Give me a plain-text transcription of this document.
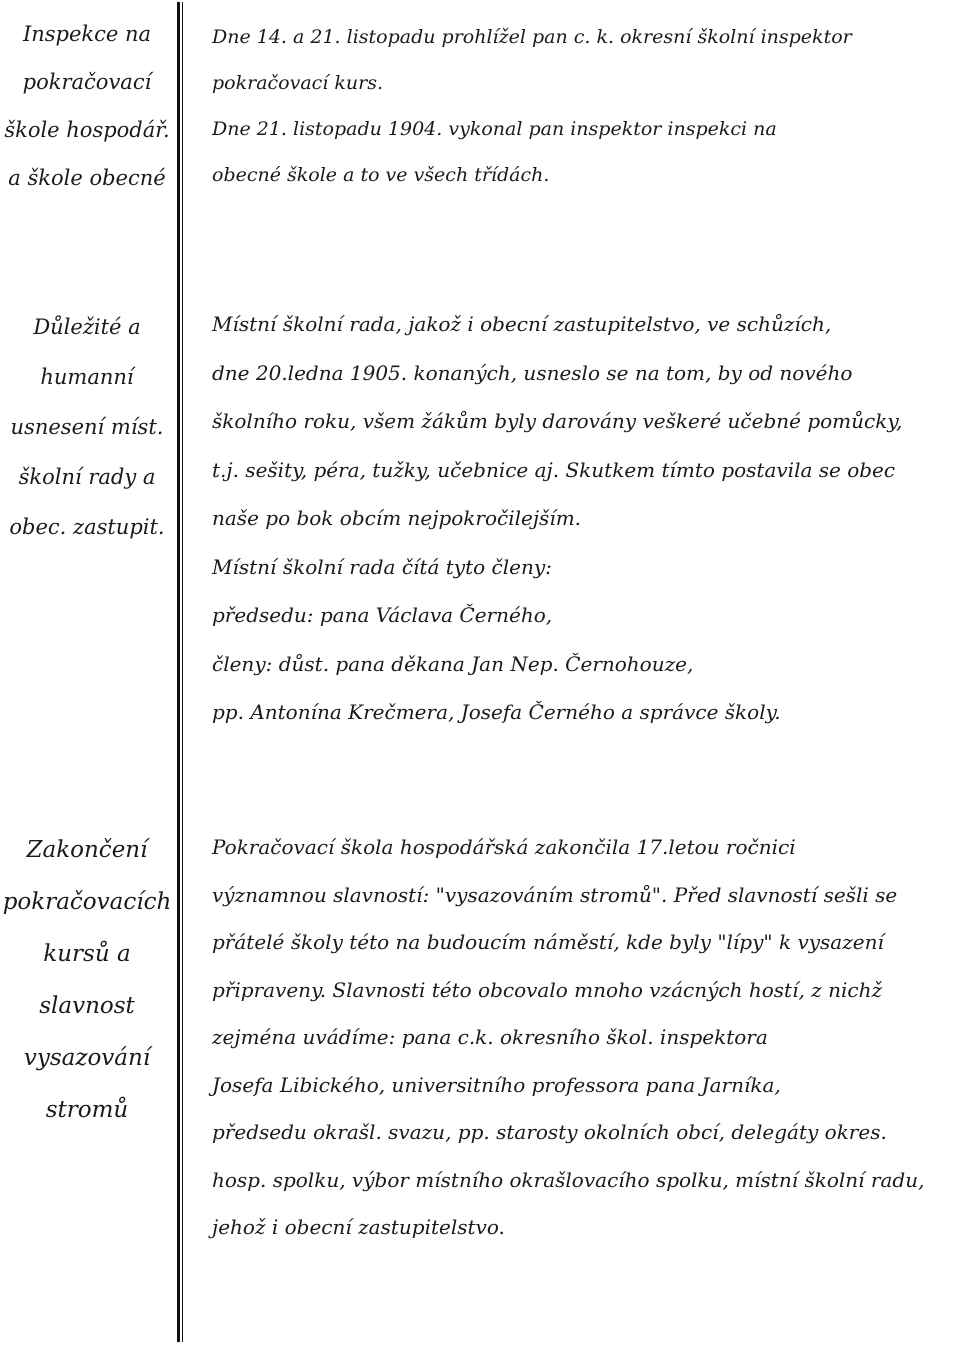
Inspekce na
pokračovací
škole hospodář.
a škole obecné
Dne 14. a 21. listopadu prohlížel pan c. k. okresní školní inspektor
pokračovací kurs.
Dne 21. listopadu 1904. vykonal pan inspektor inspekci na
obecné škole a to ve všech třídách.
Důležité a
humanní
usnesení míst.
školní rady a
obec. zastupit.
Místní školní rada, jakož i obecní zastupitelstvo, ve schůzích,
dne 20.ledna 1905. konaných, usneslo se na tom, by od nového
školního roku, všem žákům byly darovány veškeré učebné pomůcky,
t.j. sešity, péra, tužky, učebnice aj. Skutkem tímto postavila se obec
naše po bok obcím nejpokročilejším.
Místní školní rada čítá tyto členy:
předsedu: pana Václava Černého,
členy: důst. pana děkana Jan Nep. Černohouze,
pp. Antonína Krečmera, Josefa Černého a správce školy.
Zakončení
pokračovacích
kursů a
slavnost
vysazování
stromů
Pokračovací škola hospodářská zakončila 17.letou ročnici
významnou slavností: "vysazováním stromů". Před slavností sešli se
přátelé školy této na budoucím náměstí, kde byly "lípy" k vysazení
připraveny. Slavnosti této obcovalo mnoho vzácných hostí, z nichž
zejména uvádíme: pana c.k. okresního škol. inspektora
Josefa Libického, universitního professora pana Jarníka,
předsedu okrašl. svazu, pp. starosty okolních obcí, delegáty okres.
hosp. spolku, výbor místního okrašlovacího spolku, místní školní radu,
jehož i obecní zastupitelstvo.
